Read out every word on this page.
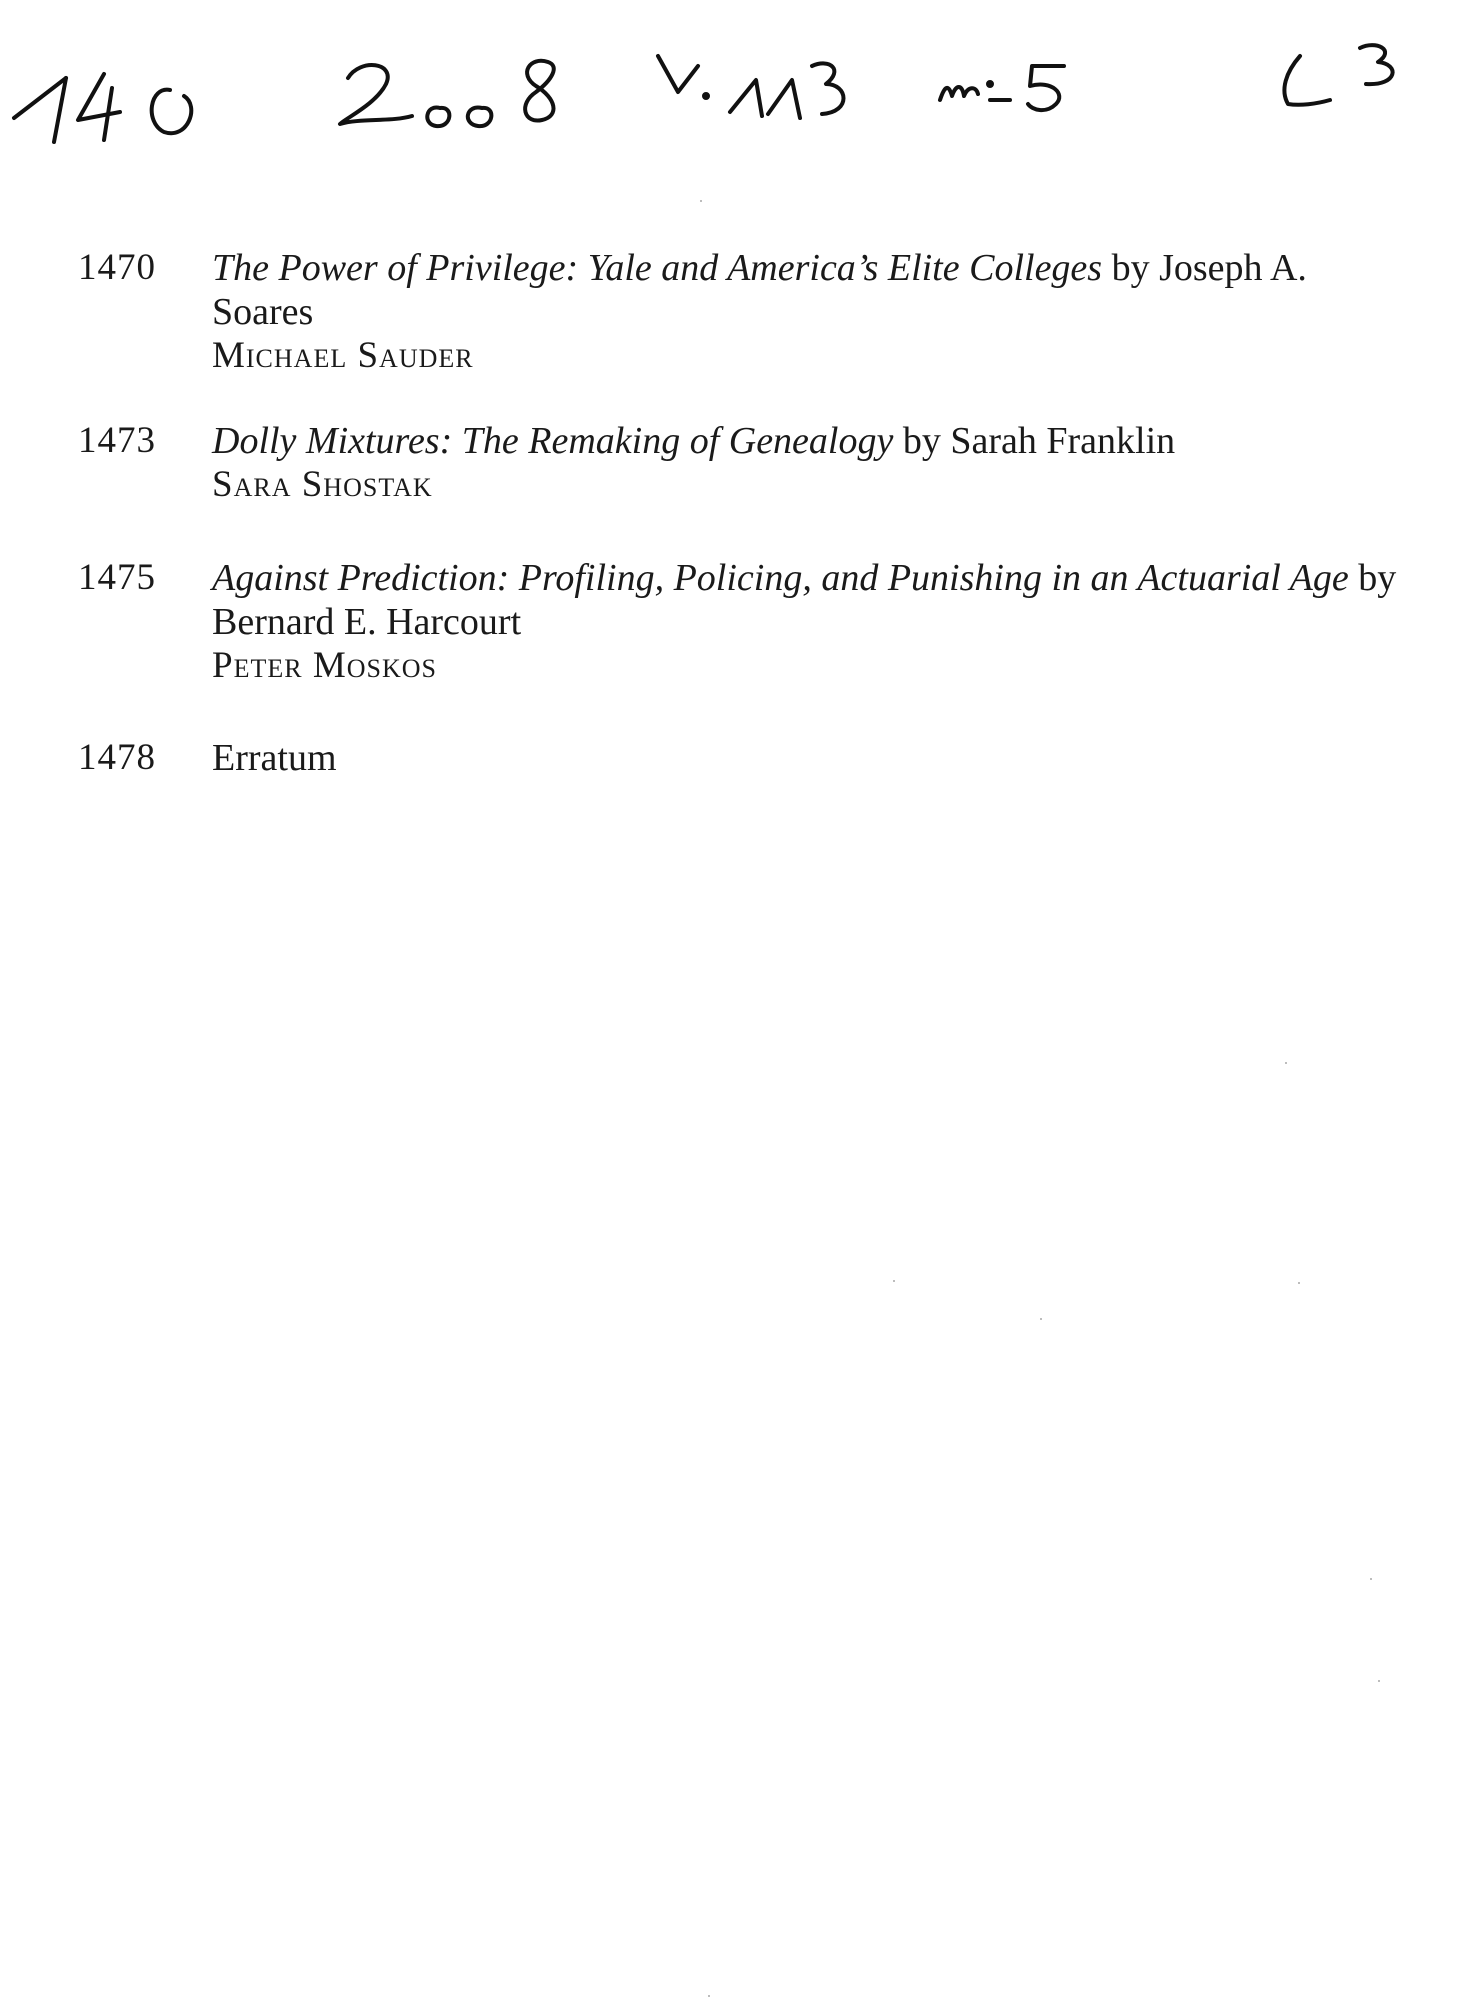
1470	The Power of Privilege: Yale and America’s Elite Colleges by Joseph A. Soares
Michael Sauder
1473	Dolly Mixtures: The Remaking of Genealogy by Sarah Franklin
Sara Shostak
1475	Against Prediction: Profiling, Policing, and Punishing in an Actuarial Age by Bernard E. Harcourt
Peter Moskos
1478	Erratum
